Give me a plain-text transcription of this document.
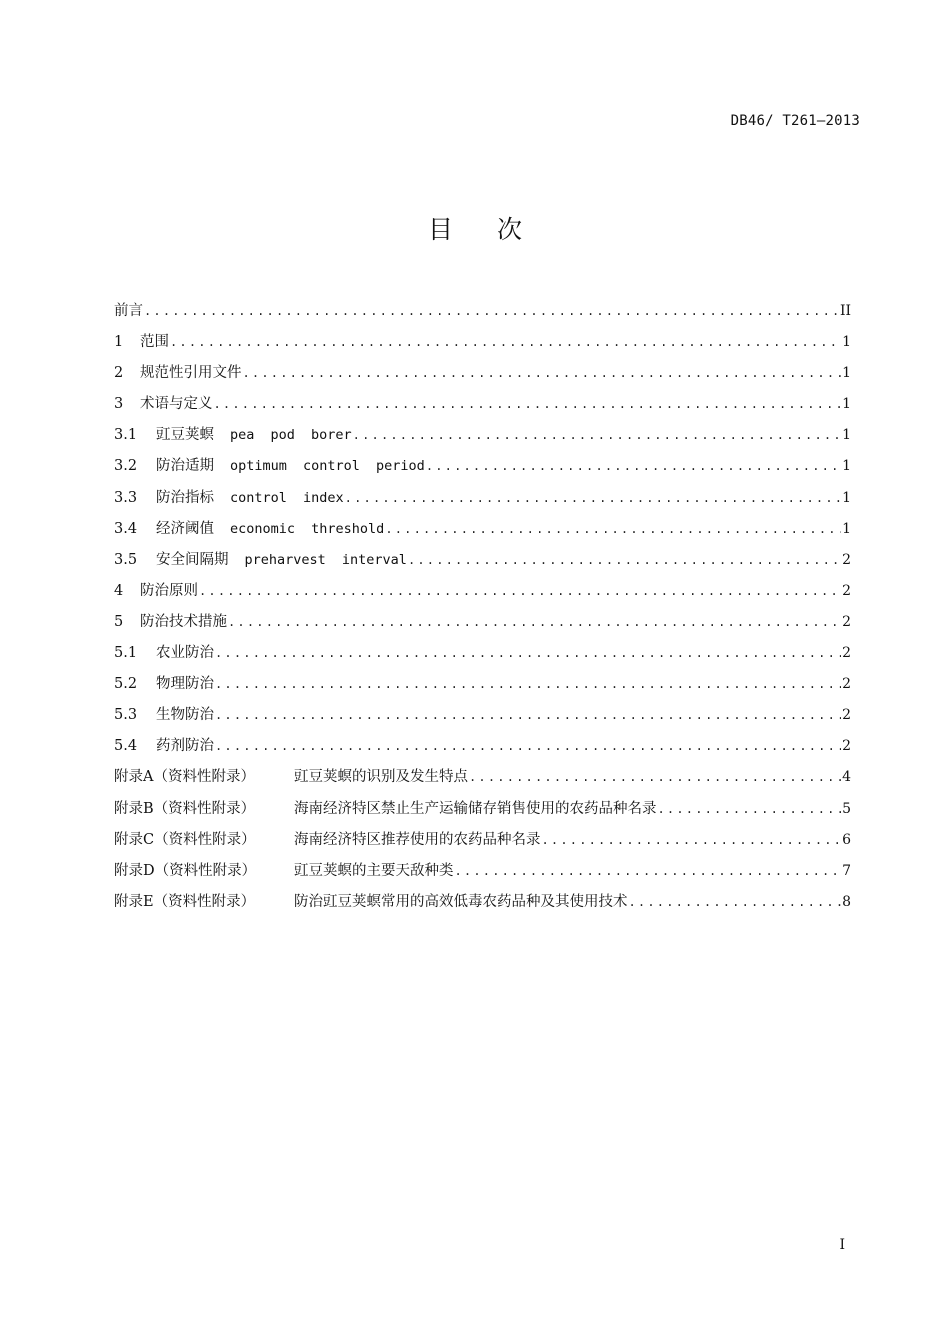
DB46/ T261—2013
目次
前言 .....	II
1	范围 .....	1
2	规范性引用文件 .....	1
3	术语与定义 .....	1
3.1	豇豆荚螟 pea pod borer .....	1
3.2	防治适期 optimum control period .....	1
3.3	防治指标 control index .....	1
3.4	经济阈值 economic threshold .....	1
3.5	安全间隔期 preharvest interval .....	2
4	防治原则 .....	2
5	防治技术措施 .....	2
5.1	农业防治 .....	2
5.2	物理防治 .....	2
5.3	生物防治 .....	2
5.4	药剂防治 .....	2
附录A（资料性附录）	豇豆荚螟的识别及发生特点 .....	4
附录B（资料性附录）	海南经济特区禁止生产运输储存销售使用的农药品种名录 .....	5
附录C（资料性附录）	海南经济特区推荐使用的农药品种名录 .....	6
附录D（资料性附录）	豇豆荚螟的主要天敌种类 .....	7
附录E（资料性附录）	防治豇豆荚螟常用的高效低毒农药品种及其使用技术 .....	8
I
